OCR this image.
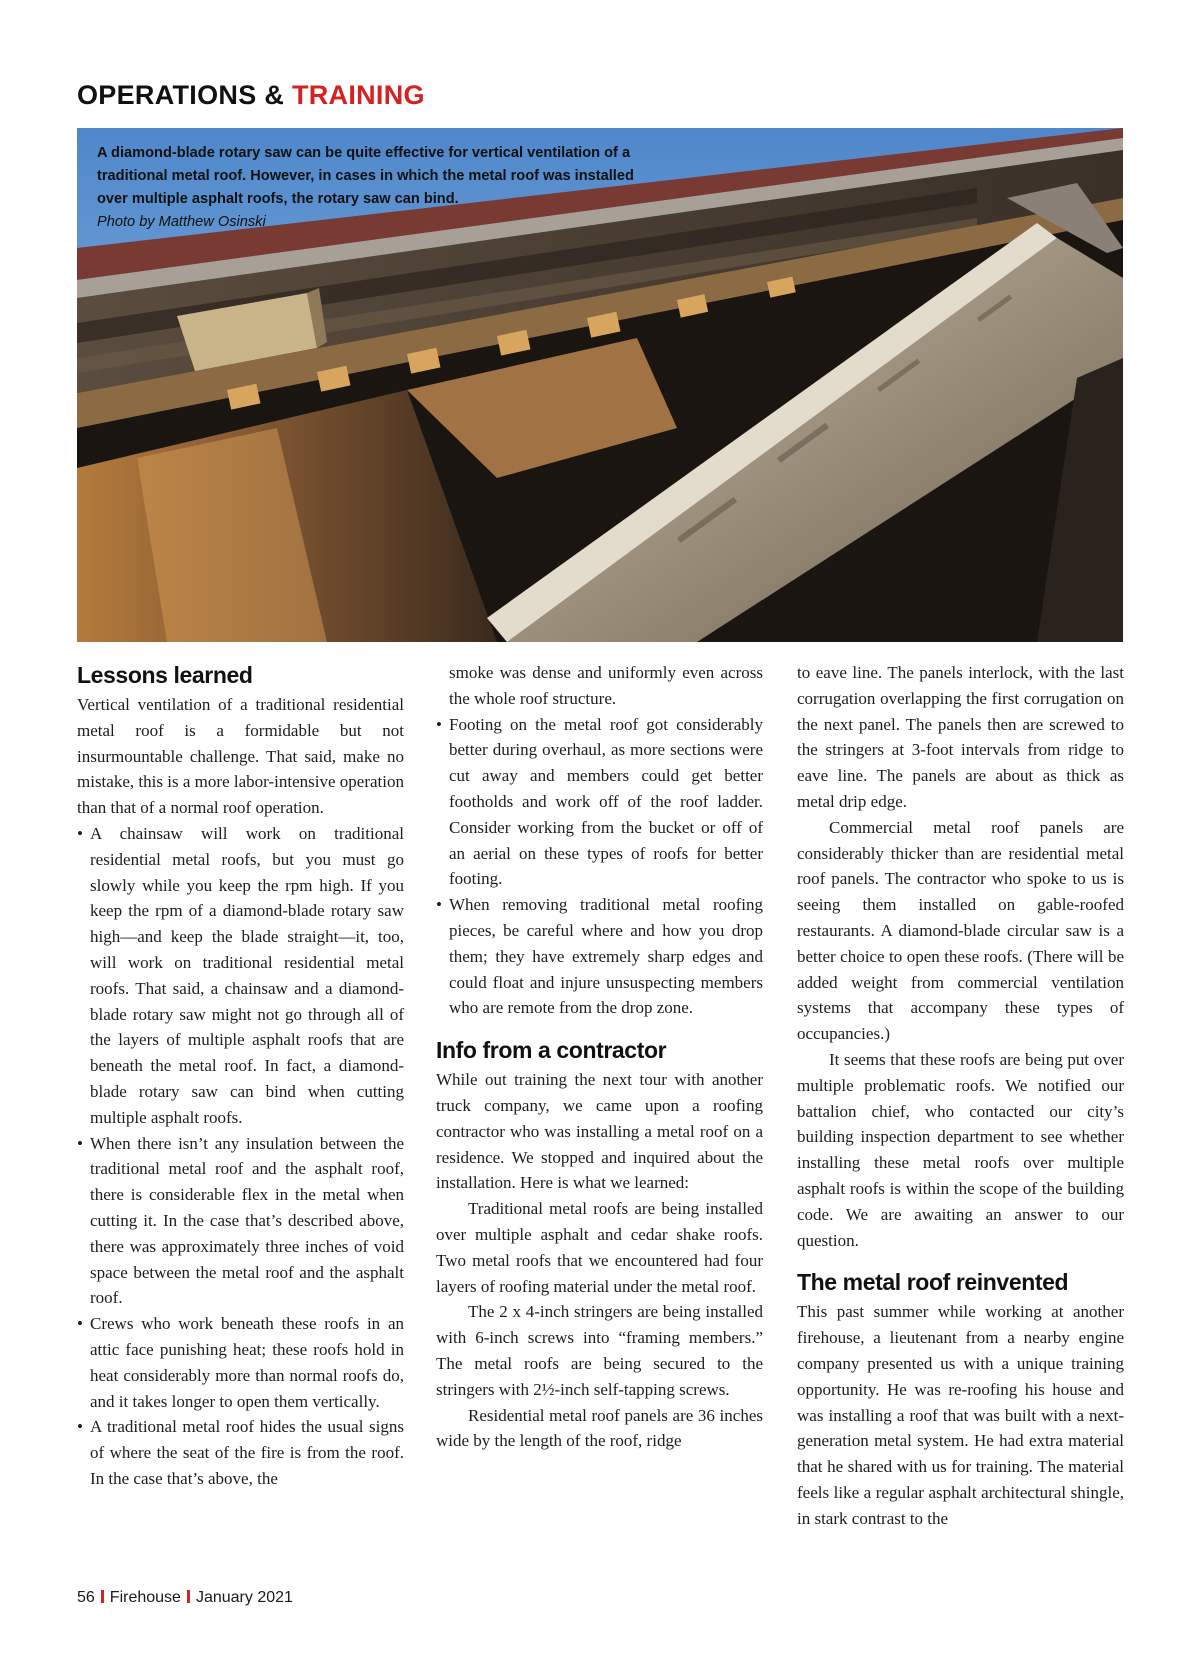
OPERATIONS & TRAINING
A diamond-blade rotary saw can be quite effective for vertical ventilation of a traditional metal roof. However, in cases in which the metal roof was installed over multiple asphalt roofs, the rotary saw can bind.
Photo by Matthew Osinski
Lessons learned

Vertical ventilation of a traditional residential metal roof is a formidable but not insurmountable challenge. That said, make no mistake, this is a more labor-intensive operation than that of a normal roof operation.

• A chainsaw will work on traditional residential metal roofs, but you must go slowly while you keep the rpm high. If you keep the rpm of a diamond-blade rotary saw high—and keep the blade straight—it, too, will work on traditional residential metal roofs. That said, a chainsaw and a diamond-blade rotary saw might not go through all of the layers of multiple asphalt roofs that are beneath the metal roof. In fact, a diamond-blade rotary saw can bind when cutting multiple asphalt roofs.
• When there isn’t any insulation between the traditional metal roof and the asphalt roof, there is considerable flex in the metal when cutting it. In the case that’s described above, there was approximately three inches of void space between the metal roof and the asphalt roof.
• Crews who work beneath these roofs in an attic face punishing heat; these roofs hold in heat considerably more than normal roofs do, and it takes longer to open them vertically.
• A traditional metal roof hides the usual signs of where the seat of the fire is from the roof. In the case that’s above, the

smoke was dense and uniformly even across the whole roof structure.

• Footing on the metal roof got considerably better during overhaul, as more sections were cut away and members could get better footholds and work off of the roof ladder. Consider working from the bucket or off of an aerial on these types of roofs for better footing.
• When removing traditional metal roofing pieces, be careful where and how you drop them; they have extremely sharp edges and could float and injure unsuspecting members who are remote from the drop zone.
Info from a contractor

While out training the next tour with another truck company, we came upon a roofing contractor who was installing a metal roof on a residence. We stopped and inquired about the installation. Here is what we learned:

Traditional metal roofs are being installed over multiple asphalt and cedar shake roofs. Two metal roofs that we encountered had four layers of roofing material under the metal roof.

The 2 x 4-inch stringers are being installed with 6-inch screws into “framing members.” The metal roofs are being secured to the stringers with 2½-inch self-tapping screws.

Residential metal roof panels are 36 inches wide by the length of the roof, ridge

to eave line. The panels interlock, with the last corrugation overlapping the first corrugation on the next panel. The panels then are screwed to the stringers at 3-foot intervals from ridge to eave line. The panels are about as thick as metal drip edge.

Commercial metal roof panels are considerably thicker than are residential metal roof panels. The contractor who spoke to us is seeing them installed on gable-roofed restaurants. A diamond-blade circular saw is a better choice to open these roofs. (There will be added weight from commercial ventilation systems that accompany these types of occupancies.)

It seems that these roofs are being put over multiple problematic roofs. We notified our battalion chief, who contacted our city’s building inspection department to see whether installing these metal roofs over multiple asphalt roofs is within the scope of the building code. We are awaiting an answer to our question.

The metal roof reinvented

This past summer while working at another firehouse, a lieutenant from a nearby engine company presented us with a unique training opportunity. He was re-roofing his house and was installing a roof that was built with a next-generation metal system. He had extra material that he shared with us for training. The material feels like a regular asphalt architectural shingle, in stark contrast to the

56 Firehouse January 2021
